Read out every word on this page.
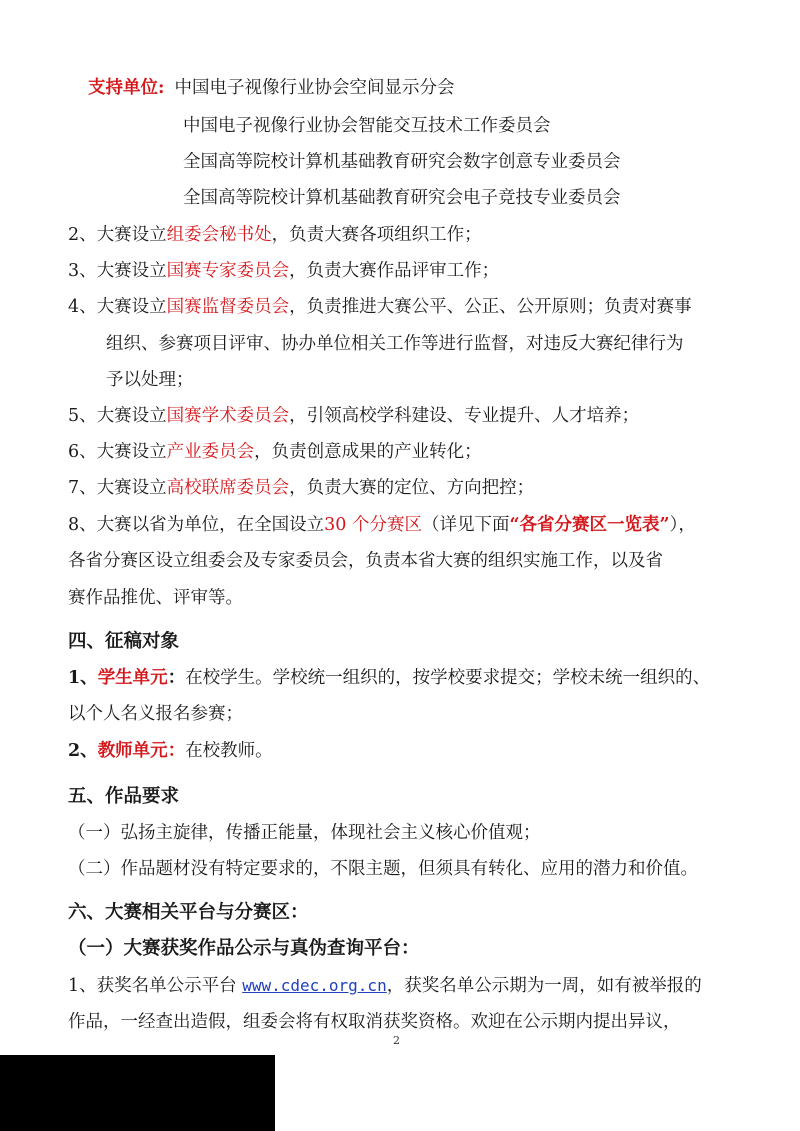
支持单位: 中国电子视像行业协会空间显示分会
中国电子视像行业协会智能交互技术工作委员会
全国高等院校计算机基础教育研究会数字创意专业委员会
全国高等院校计算机基础教育研究会电子竞技专业委员会
2、大赛设立组委会秘书处，负责大赛各项组织工作；
3、大赛设立国赛专家委员会，负责大赛作品评审工作；
4、大赛设立国赛监督委员会，负责推进大赛公平、公正、公开原则；负责对赛事
组织、参赛项目评审、协办单位相关工作等进行监督，对违反大赛纪律行为
予以处理；
5、大赛设立国赛学术委员会，引领高校学科建设、专业提升、人才培养；
6、大赛设立产业委员会，负责创意成果的产业转化；
7、大赛设立高校联席委员会，负责大赛的定位、方向把控；
8、大赛以省为单位，在全国设立30 个分赛区（详见下面“各省分赛区一览表”），
各省分赛区设立组委会及专家委员会，负责本省大赛的组织实施工作，以及省
赛作品推优、评审等。
四、征稿对象
1、学生单元：在校学生。学校统一组织的，按学校要求提交；学校未统一组织的、
以个人名义报名参赛；
2、教师单元：在校教师。
五、作品要求
（一）弘扬主旋律，传播正能量，体现社会主义核心价值观；
（二）作品题材没有特定要求的，不限主题，但须具有转化、应用的潜力和价值。
六、大赛相关平台与分赛区：
（一）大赛获奖作品公示与真伪查询平台：
1、获奖名单公示平台 www.cdec.org.cn，获奖名单公示期为一周，如有被举报的
作品，一经查出造假，组委会将有权取消获奖资格。欢迎在公示期内提出异议，
2
